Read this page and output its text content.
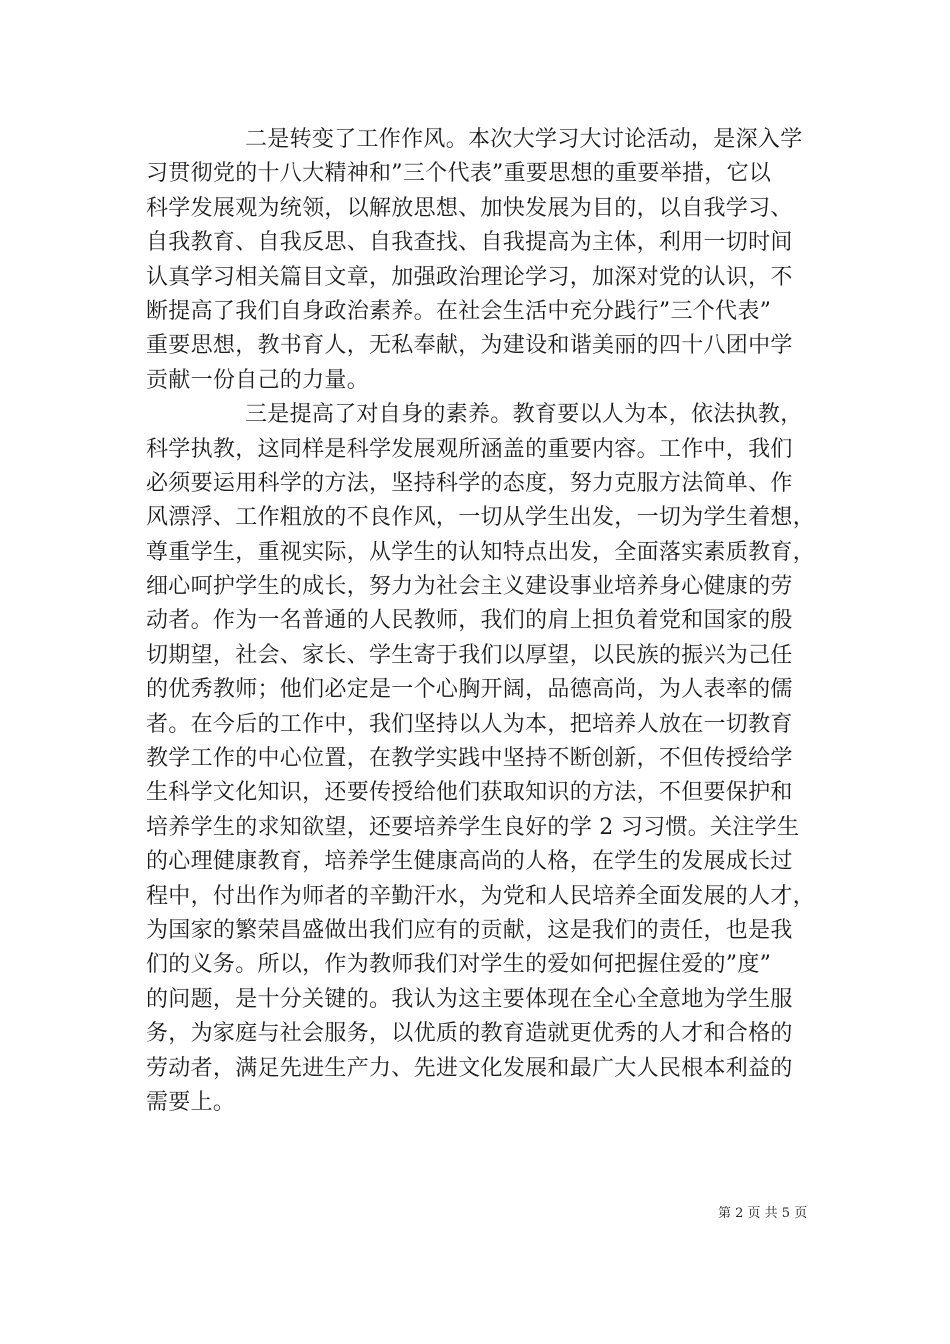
二是转变了工作作风。本次大学习大讨论活动，是深入学
习贯彻党的十八大精神和”三个代表”重要思想的重要举措，它以
科学发展观为统领，以解放思想、加快发展为目的，以自我学习、
自我教育、自我反思、自我查找、自我提高为主体，利用一切时间
认真学习相关篇目文章，加强政治理论学习，加深对党的认识，不
断提高了我们自身政治素养。在社会生活中充分践行”三个代表”
重要思想，教书育人，无私奉献，为建设和谐美丽的四十八团中学
贡献一份自己的力量。
三是提高了对自身的素养。教育要以人为本，依法执教，
科学执教，这同样是科学发展观所涵盖的重要内容。工作中，我们
必须要运用科学的方法，坚持科学的态度，努力克服方法简单、作
风漂浮、工作粗放的不良作风，一切从学生出发，一切为学生着想，
尊重学生，重视实际，从学生的认知特点出发，全面落实素质教育，
细心呵护学生的成长，努力为社会主义建设事业培养身心健康的劳
动者。作为一名普通的人民教师，我们的肩上担负着党和国家的殷
切期望，社会、家长、学生寄于我们以厚望，以民族的振兴为己任
的优秀教师；他们必定是一个心胸开阔，品德高尚，为人表率的儒
者。在今后的工作中，我们坚持以人为本，把培养人放在一切教育
教学工作的中心位置，在教学实践中坚持不断创新，不但传授给学
生科学文化知识，还要传授给他们获取知识的方法，不但要保护和
培养学生的求知欲望，还要培养学生良好的学 2 习习惯。关注学生
的心理健康教育，培养学生健康高尚的人格，在学生的发展成长过
程中，付出作为师者的辛勤汗水，为党和人民培养全面发展的人才，
为国家的繁荣昌盛做出我们应有的贡献，这是我们的责任，也是我
们的义务。所以，作为教师我们对学生的爱如何把握住爱的”度”
的问题，是十分关键的。我认为这主要体现在全心全意地为学生服
务，为家庭与社会服务，以优质的教育造就更优秀的人才和合格的
劳动者，满足先进生产力、先进文化发展和最广大人民根本利益的
需要上。
第 2 页 共 5 页
